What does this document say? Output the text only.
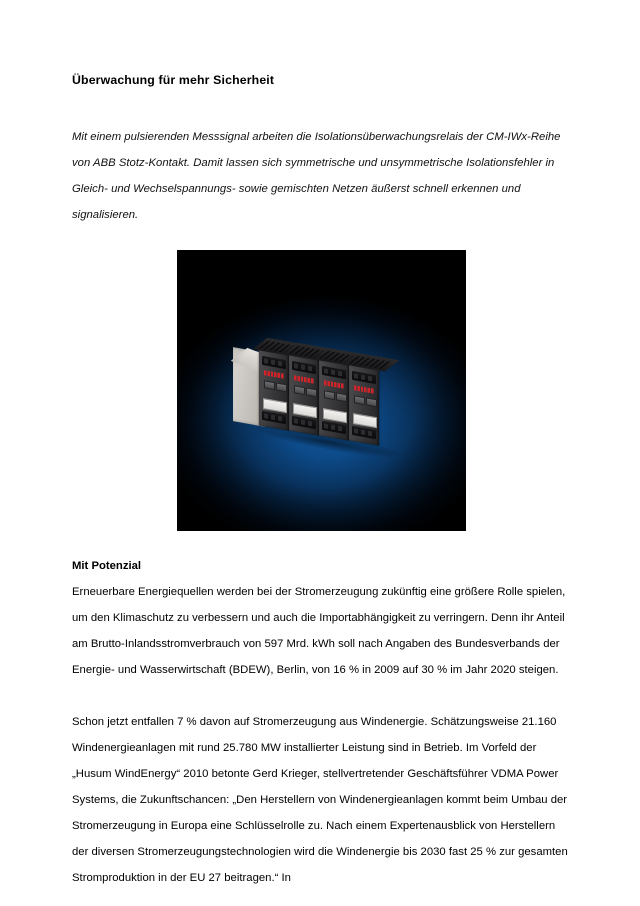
Überwachung für mehr Sicherheit

Mit einem pulsierenden Messsignal arbeiten die Isolationsüberwachungsrelais der CM-IWx-Reihe von ABB Stotz-Kontakt. Damit lassen sich symmetrische und unsymmetrische Isolationsfehler in Gleich- und Wechselspannungs- sowie gemischten Netzen äußerst schnell erkennen und signalisieren.

Mit Potenzial

Erneuerbare Energiequellen werden bei der Stromerzeugung zukünftig eine größere Rolle spielen, um den Klimaschutz zu verbessern und auch die Importabhängigkeit zu verringern. Denn ihr Anteil am Brutto-Inlandsstromverbrauch von 597 Mrd. kWh soll nach Angaben des Bundesverbands der Energie- und Wasserwirtschaft (BDEW), Berlin, von 16 % in 2009 auf 30 % im Jahr 2020 steigen.

Schon jetzt entfallen 7 % davon auf Stromerzeugung aus Windenergie. Schätzungsweise 21.160 Windenergieanlagen mit rund 25.780 MW installierter Leistung sind in Betrieb. Im Vorfeld der „Husum WindEnergy“ 2010 betonte Gerd Krieger, stellvertretender Geschäftsführer VDMA Power Systems, die Zukunftschancen: „Den Herstellern von Windenergieanlagen kommt beim Umbau der Stromerzeugung in Europa eine Schlüsselrolle zu. Nach einem Expertenausblick von Herstellern der diversen Stromerzeugungstechnologien wird die Windenergie bis 2030 fast 25 % zur gesamten Stromproduktion in der EU 27 beitragen.“ In
